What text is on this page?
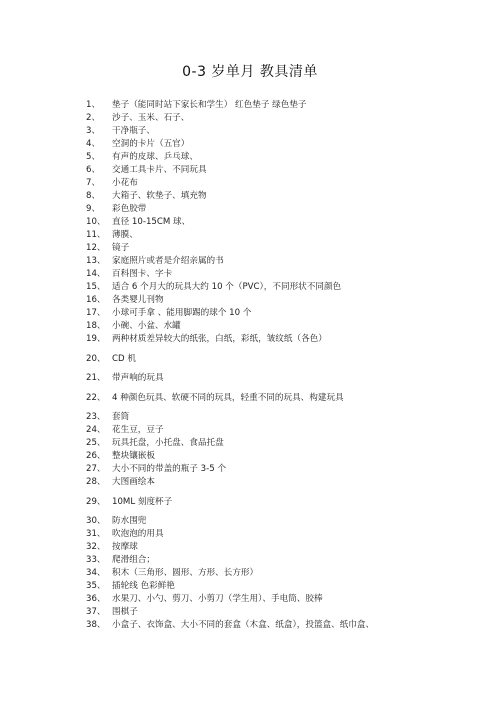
0-3 岁单月 教具清单
1、	垫子（能同时站下家长和学生） 红色垫子 绿色垫子
2、	沙子、玉米、石子、
3、	干净瓶子、
4、	空洞的卡片（五官）
5、	有声的皮球、乒乓球、
6、	交通工具卡片、不同玩具
7、	小花布
8、	大箱子、软垫子、填充物
9、	彩色胶带
10、 直径 10-15CM 球、
11、 薄膜、
12、 镜子
13、 家庭照片或者是介绍亲属的书
14、 百科图卡、字卡
15、 适合 6 个月大的玩具大约 10 个（PVC），不同形状不同颜色
16、 各类婴儿刊物
17、 小球可手拿 、能用脚踢的球个 10 个
18、 小碗、小盆、水罐
19、 两种材质差异较大的纸张，白纸，彩纸，皱纹纸（各色）
20、 CD 机
21、 带声响的玩具
22、 4 种颜色玩具、软硬不同的玩具，轻重不同的玩具、构建玩具
23、 套筒
24、 花生豆，豆子
25、 玩具托盘，小托盘、食品托盘
26、 整块镶嵌板
27、 大小不同的带盖的瓶子 3-5 个
28、 大图画绘本
29、 10ML 刻度杯子
30、 防水围兜
31、 吹泡泡的用具
32、 按摩球
33、 爬滑组合；
34、 积木（三角形、圆形、方形、长方形）
35、 插轮线 色彩鲜艳
36、 水果刀、小勺、剪刀、小剪刀（学生用）、手电筒、胶棒
37、 围棋子
38、 小盒子、衣饰盒、大小不同的套盒（木盒、纸盒），投篮盒、纸巾盒、
